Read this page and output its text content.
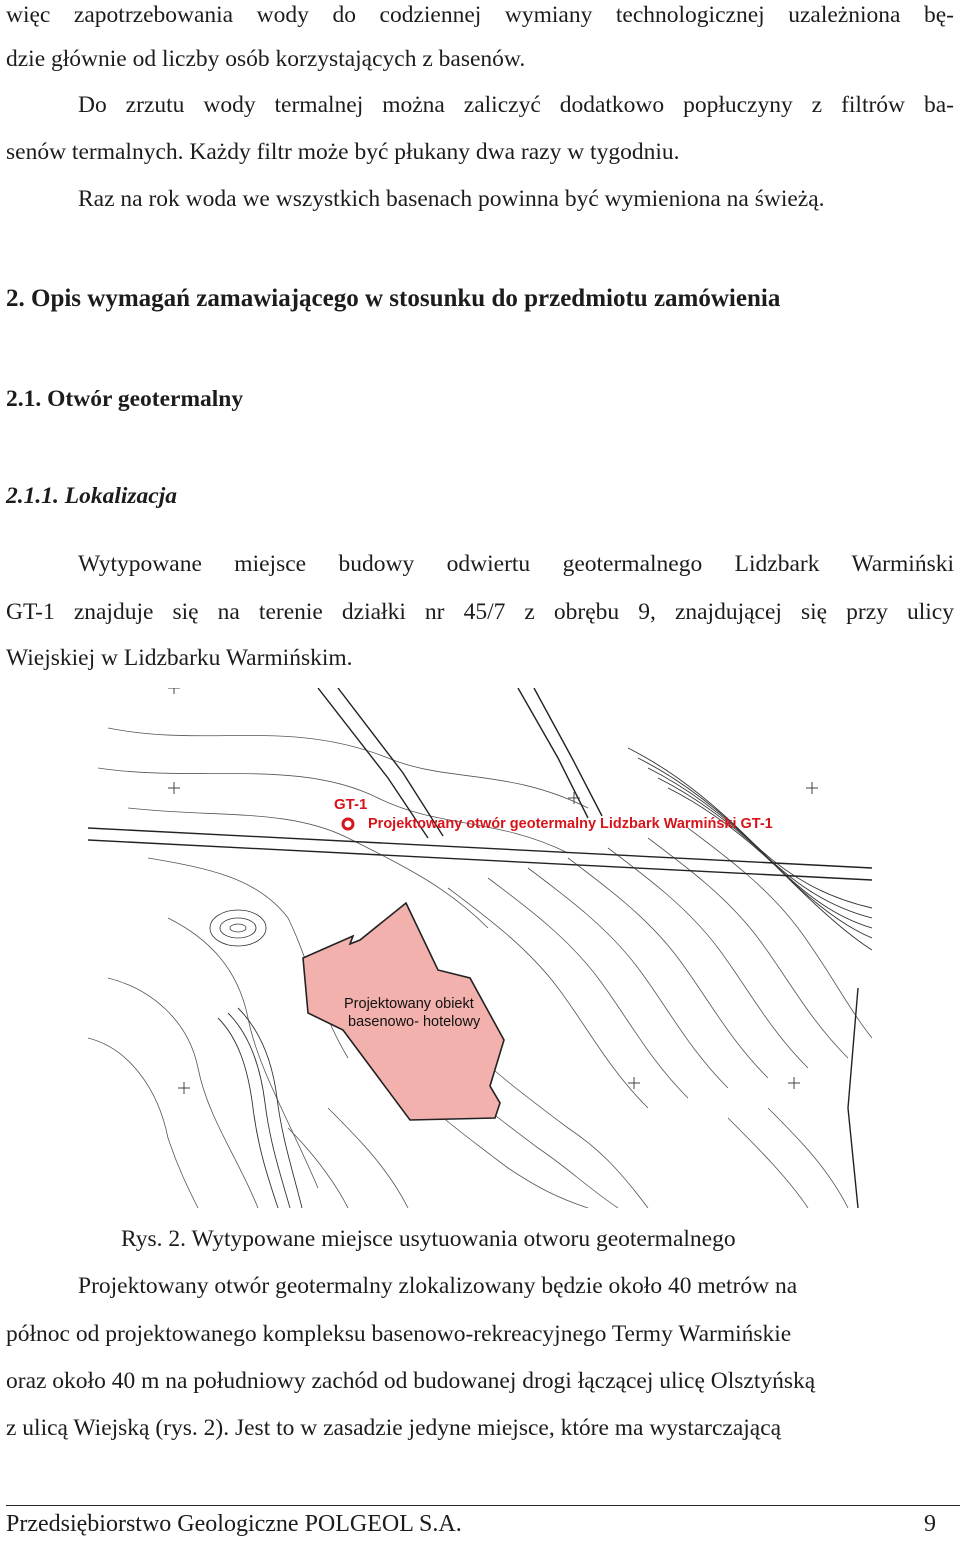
więc zapotrzebowania wody do codziennej wymiany technologicznej uzależniona bę-
dzie głównie od liczby osób korzystających z basenów.
Do zrzutu wody termalnej można zaliczyć dodatkowo popłuczyny z filtrów ba-
senów termalnych. Każdy filtr może być płukany dwa razy w tygodniu.
Raz na rok woda we wszystkich basenach powinna być wymieniona na świeżą.
2. Opis wymagań zamawiającego w stosunku do przedmiotu zamówienia
2.1. Otwór geotermalny
2.1.1. Lokalizacja
Wytypowane miejsce budowy odwiertu geotermalnego Lidzbark Warmiński
GT-1 znajduje się na terenie działki nr 45/7 z obrębu 9, znajdującej się przy ulicy
Wiejskiej w Lidzbarku Warmińskim.
GT-1
Projektowany otwór geotermalny Lidzbark Warmiński GT-1
Projektowany obiekt
basenowo- hotelowy
Rys. 2. Wytypowane miejsce usytuowania otworu geotermalnego
Projektowany otwór geotermalny zlokalizowany będzie około 40 metrów na
północ od projektowanego kompleksu basenowo-rekreacyjnego Termy Warmińskie
oraz około 40 m na południowy zachód od budowanej drogi łączącej ulicę Olsztyńską
z ulicą Wiejską (rys. 2). Jest to w zasadzie jedyne miejsce, które ma wystarczającą
Przedsiębiorstwo Geologiczne POLGEOL S.A.	9
